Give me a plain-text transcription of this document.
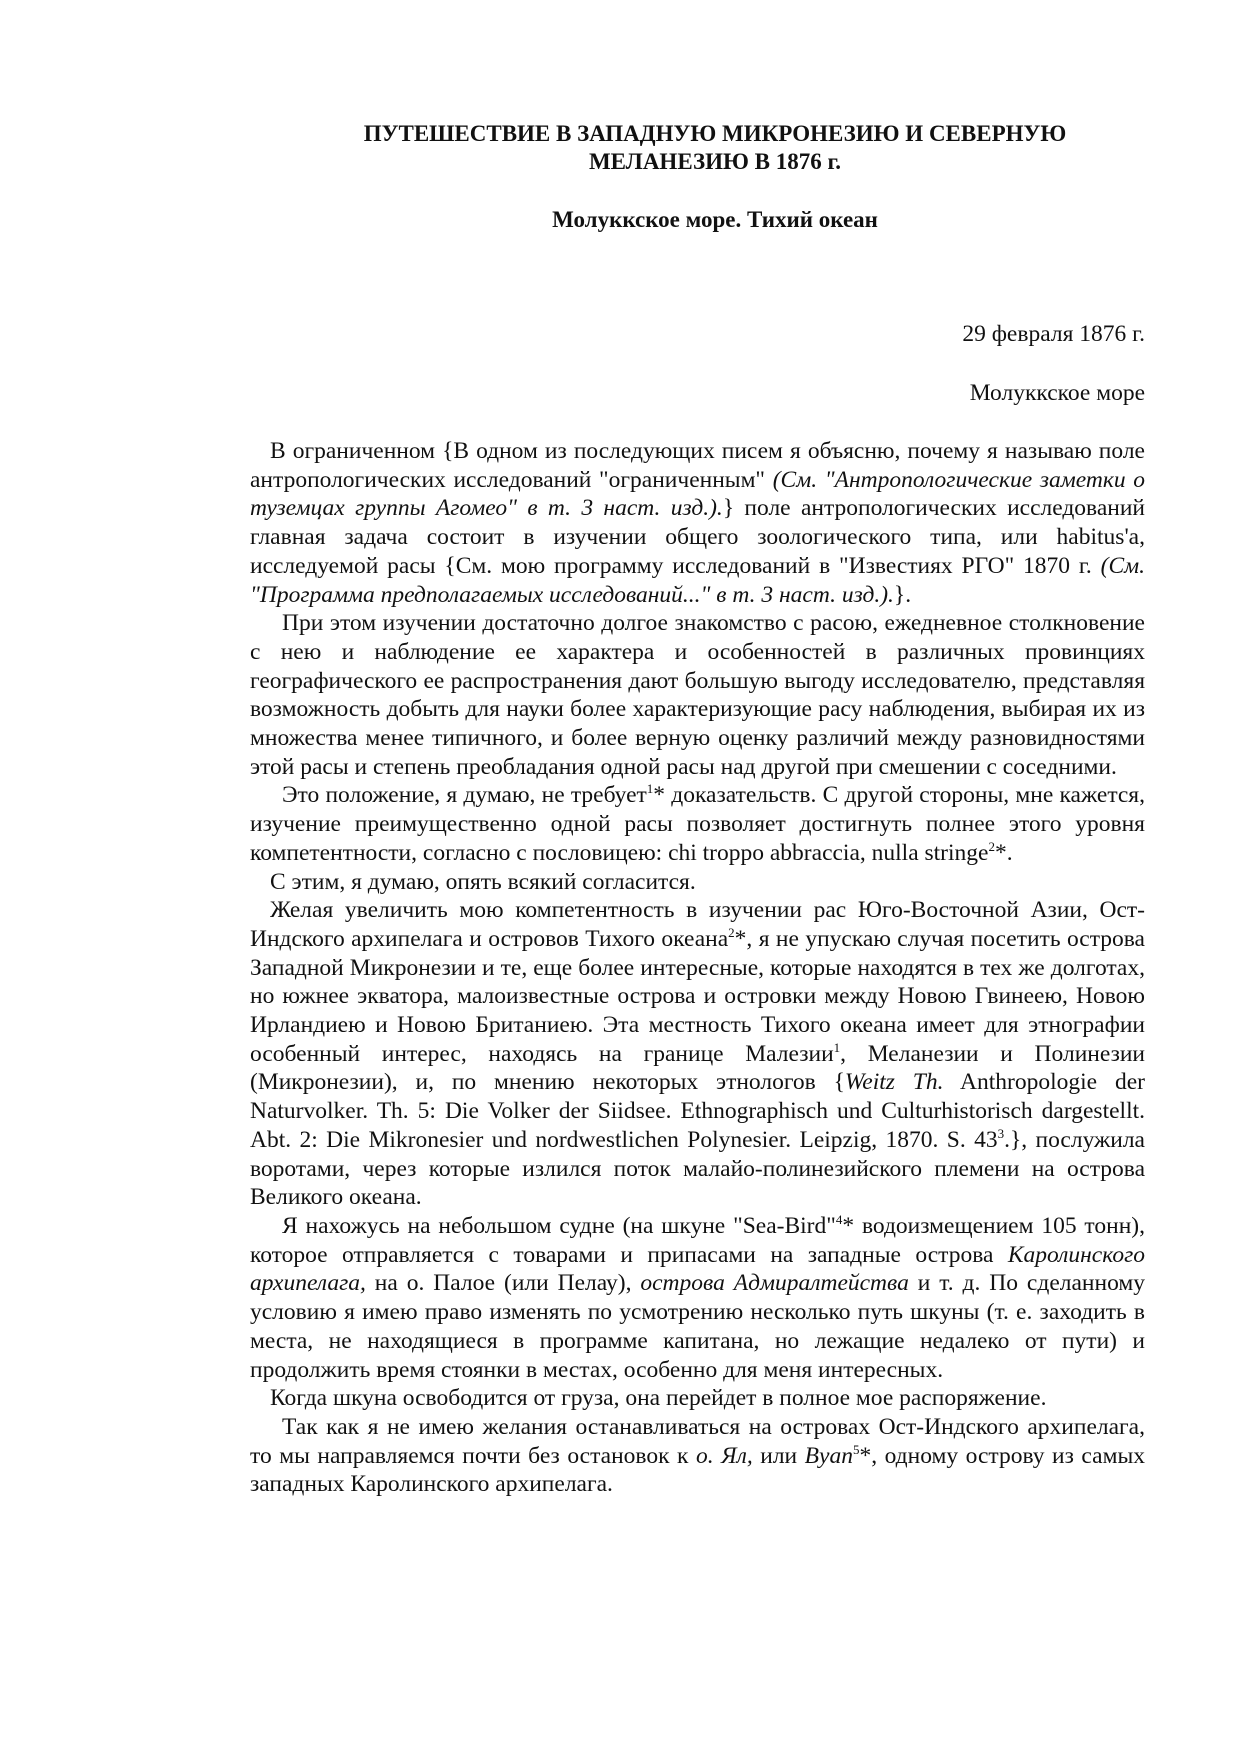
ПУТЕШЕСТВИЕ В ЗАПАДНУЮ МИКРОНЕЗИЮ И СЕВЕРНУЮ
МЕЛАНЕЗИЮ В 1876 г.
Молуккское море. Тихий океан
29 февраля 1876 г.
Молуккское море

В ограниченном {В одном из последующих писем я объясню, почему я называю поле антропологических исследований "ограниченным" (См. "Антропологические заметки о туземцах группы Агомео" в т. 3 наст. изд.).} поле антропологических исследований главная задача состоит в изучении общего зоологического типа, или habitus'a, исследуемой расы {См. мою программу исследований в "Известиях РГО" 1870 г. (См. "Программа предполагаемых исследований..." в т. 3 наст. изд.).}.

При этом изучении достаточно долгое знакомство с расою, ежедневное столкновение с нею и наблюдение ее характера и особенностей в различных провинциях географического ее распространения дают большую выгоду исследователю, представляя возможность добыть для науки более характеризующие расу наблюдения, выбирая их из множества менее типичного, и более верную оценку различий между разновидностями этой расы и степень преобладания одной расы над другой при смешении с соседними.

Это положение, я думаю, не требует$^1$* доказательств. С другой стороны, мне кажется, изучение преимущественно одной расы позволяет достигнуть полнее этого уровня компетентности, согласно с пословицею: chi troppo abbraccia, nulla stringe$^2$*.

С этим, я думаю, опять всякий согласится.

Желая увеличить мою компетентность в изучении рас Юго-Восточной Азии, Ост-Индского архипелага и островов Тихого океана$^2$*, я не упускаю случая посетить острова Западной Микронезии и те, еще более интересные, которые находятся в тех же долготах, но южнее экватора, малоизвестные острова и островки между Новою Гвинеею, Новою Ирландиею и Новою Британиею. Эта местность Тихого океана имеет для этнографии особенный интерес, находясь на границе Малезии$^1$, Меланезии и Полинезии (Микронезии), и, по мнению некоторых этнологов {Weitz Th. Anthropologie der Naturvolker. Th. 5: Die Volker der Siidsee. Ethnographisch und Culturhistorisch dargestellt. Abt. 2: Die Mikronesier und nordwestlichen Polynesier. Leipzig, 1870. S. $43^3$.}, послужила воротами, через которые излился поток малайо-полинезийского племени на острова Великого океана.

Я нахожусь на небольшом судне (на шкуне "Sea-Bird"$^4$* водоизмещением 105 тонн), которое отправляется с товарами и припасами на западные острова Каролинского архипелага, на о. Палое (или Пелау), острова Адмиралтейства и т. д. По сделанному условию я имею право изменять по усмотрению несколько путь шкуны (т. е. заходить в места, не находящиеся в программе капитана, но лежащие недалеко от пути) и продолжить время стоянки в местах, особенно для меня интересных.

Когда шкуна освободится от груза, она перейдет в полное мое распоряжение.

Так как я не имею желания останавливаться на островах Ост-Индского архипелага, то мы направляемся почти без остановок к о. Ял, или Byan$^5$*, одному острову из самых западных Каролинского архипелага.
